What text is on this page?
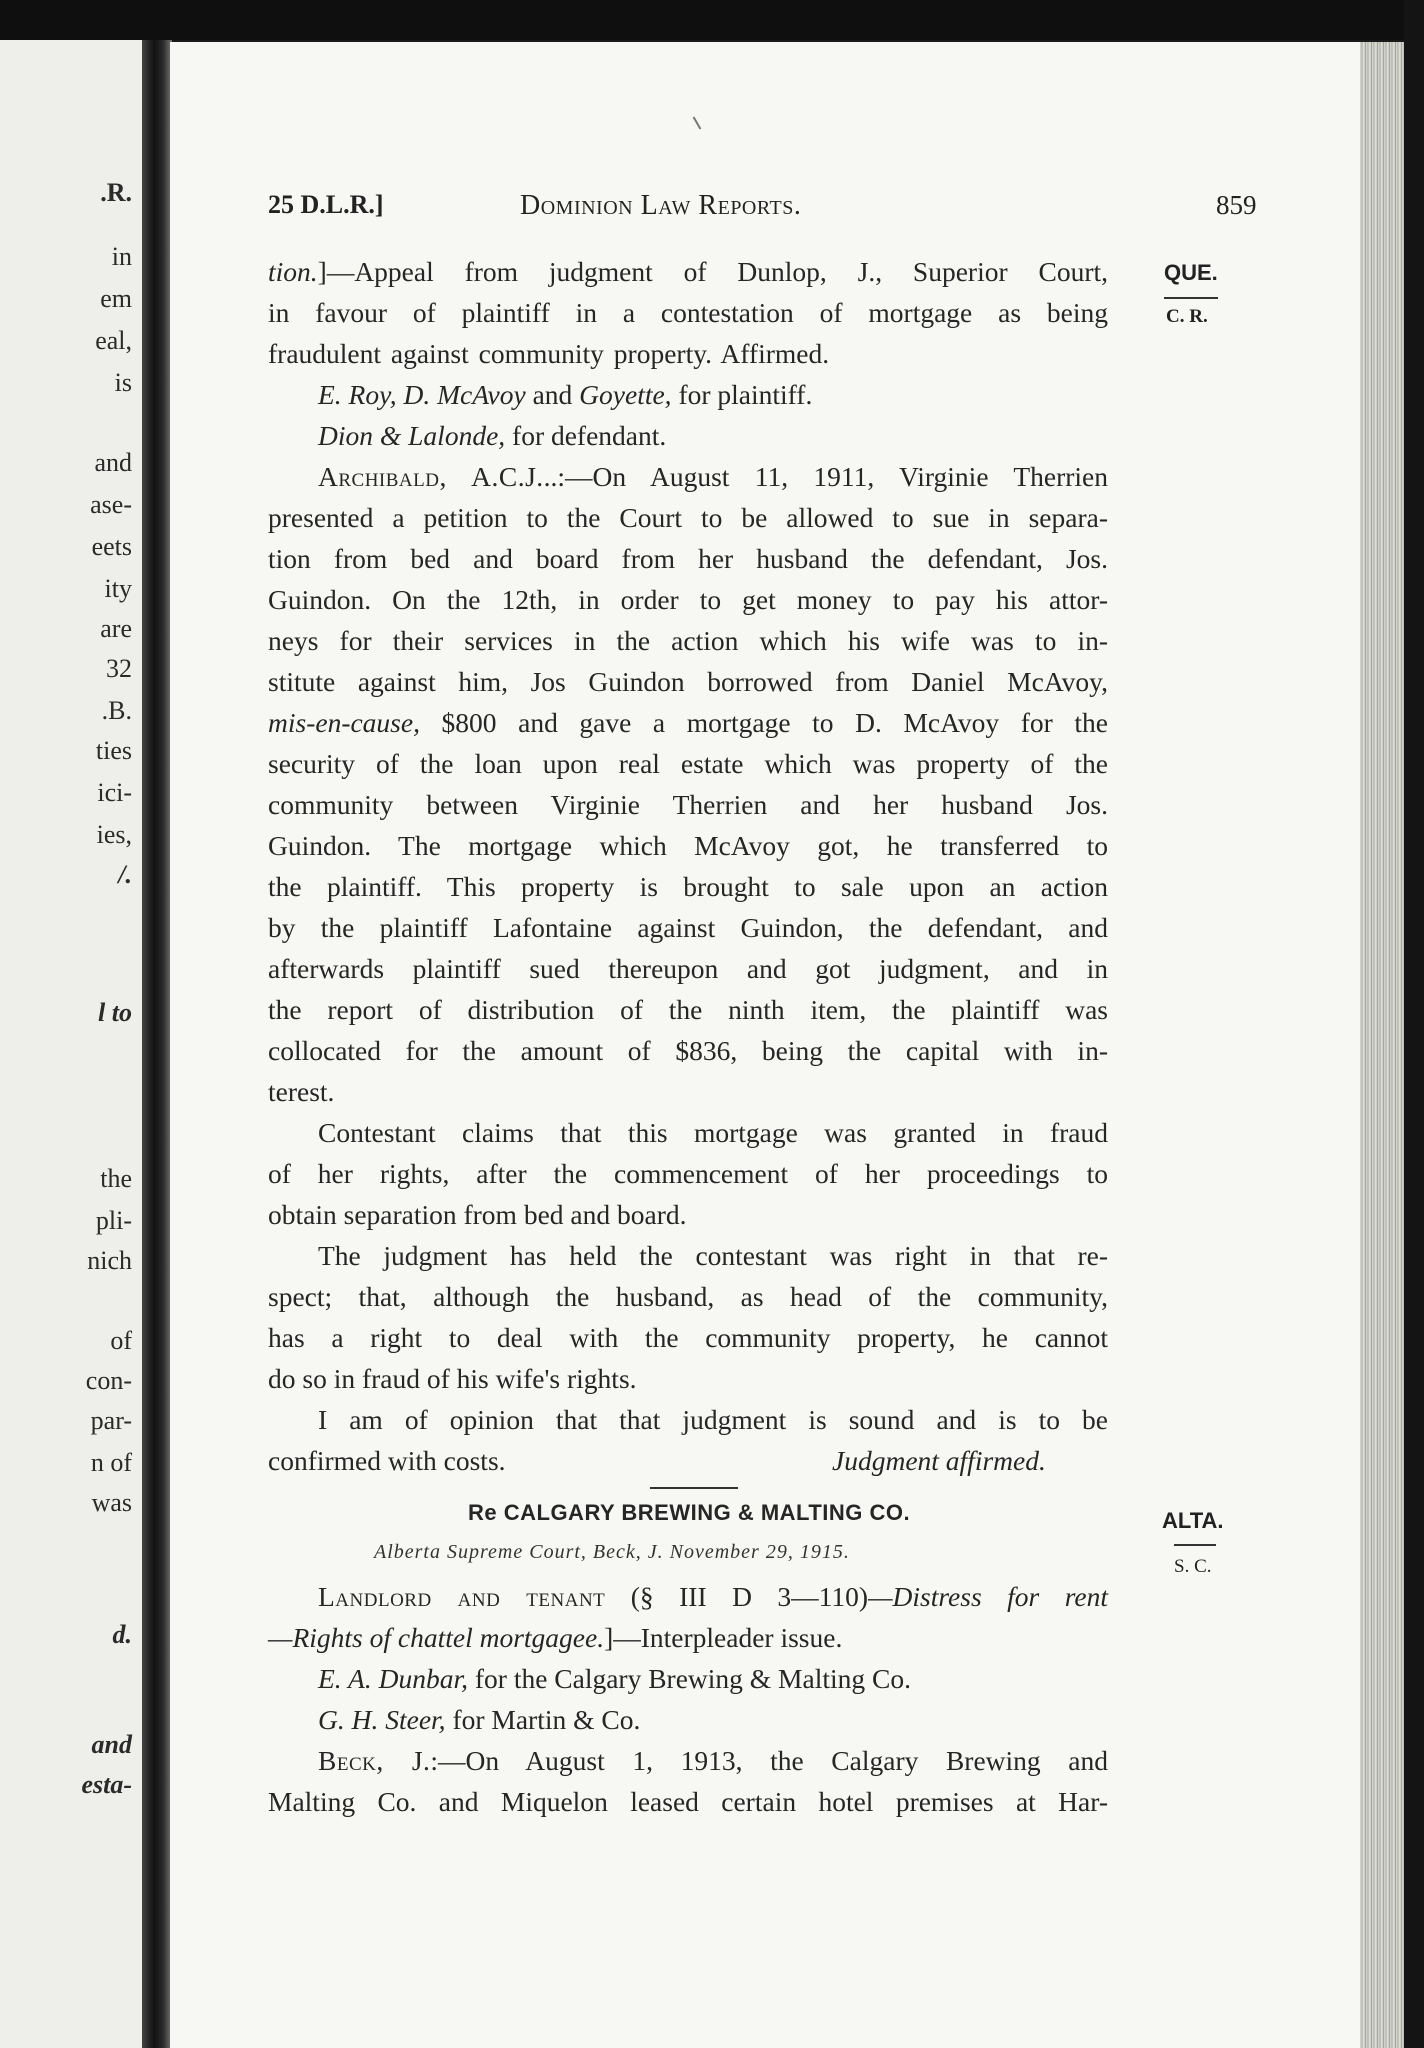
.R.
in
em
eal,
is
and
ase-
eets
ity
are
32
.B.
ties
ici-
ies,
/.
l to
the
pli-
nich
of
con-
par-
n of
was
d.
and
esta-
25 D.L.R.]	Dominion Law Reports.	859
QUE.
C. R.
ALTA.
S. C.
tion.]—Appeal from judgment of Dunlop, J., Superior Court,
in favour of plaintiff in a contestation of mortgage as being
fraudulent against community property. Affirmed.
E. Roy, D. McAvoy and Goyette, for plaintiff.
Dion & Lalonde, for defendant.
Archibald, A.C.J...:—On August 11, 1911, Virginie Therrien
presented a petition to the Court to be allowed to sue in separa-
tion from bed and board from her husband the defendant, Jos.
Guindon. On the 12th, in order to get money to pay his attor-
neys for their services in the action which his wife was to in-
stitute against him, Jos Guindon borrowed from Daniel McAvoy,
mis-en-cause, $800 and gave a mortgage to D. McAvoy for the
security of the loan upon real estate which was property of the
community between Virginie Therrien and her husband Jos.
Guindon. The mortgage which McAvoy got, he transferred to
the plaintiff. This property is brought to sale upon an action
by the plaintiff Lafontaine against Guindon, the defendant, and
afterwards plaintiff sued thereupon and got judgment, and in
the report of distribution of the ninth item, the plaintiff was
collocated for the amount of $836, being the capital with in-
terest.
Contestant claims that this mortgage was granted in fraud
of her rights, after the commencement of her proceedings to
obtain separation from bed and board.
The judgment has held the contestant was right in that re-
spect; that, although the husband, as head of the community,
has a right to deal with the community property, he cannot
do so in fraud of his wife's rights.
I am of opinion that that judgment is sound and is to be
confirmed with costs.	Judgment affirmed.
Re CALGARY BREWING & MALTING CO.
Alberta Supreme Court, Beck, J. November 29, 1915.
Landlord and tenant (§ III D 3—110)—Distress for rent
—Rights of chattel mortgagee.]—Interpleader issue.
E. A. Dunbar, for the Calgary Brewing & Malting Co.
G. H. Steer, for Martin & Co.
Beck, J.:—On August 1, 1913, the Calgary Brewing and
Malting Co. and Miquelon leased certain hotel premises at Har-
